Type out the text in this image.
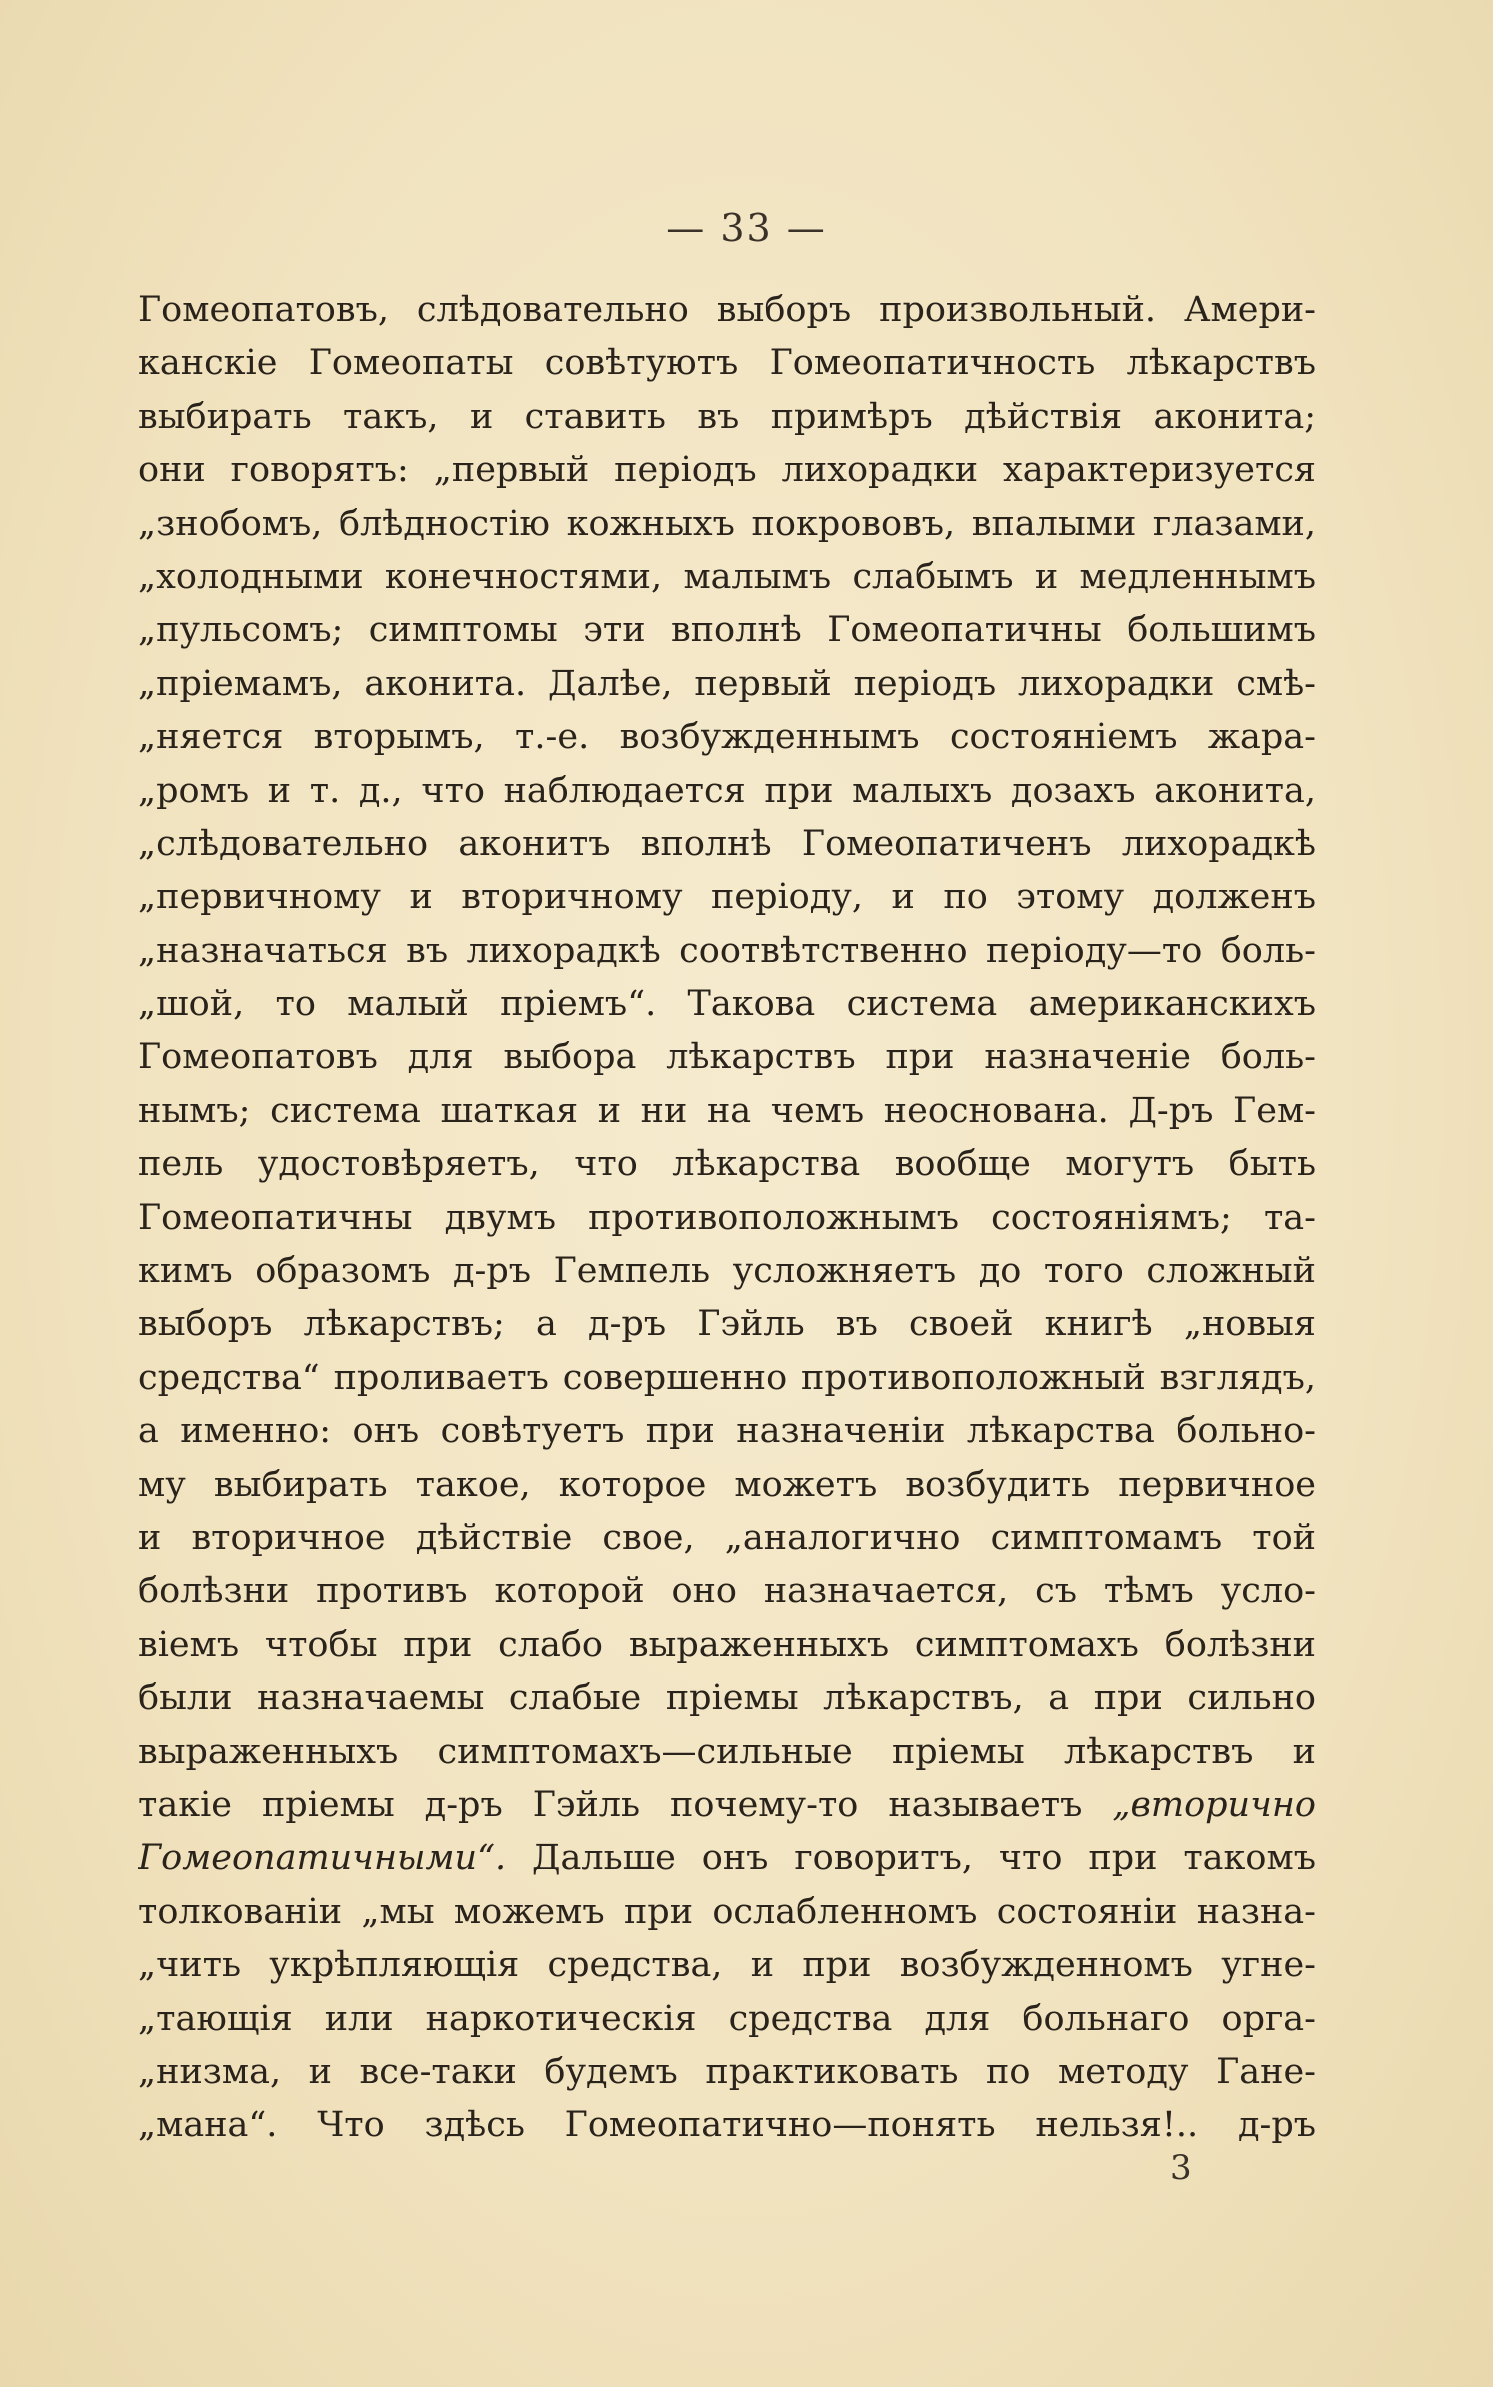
— 33 —
Гомеопатовъ, слѣдовательно выборъ произвольный. Амери-
канскіе Гомеопаты совѣтуютъ Гомеопатичность лѣкарствъ
выбирать такъ, и ставить въ примѣръ дѣйствія аконита;
они говорятъ: „первый періодъ лихорадки характеризуется
„знобомъ, блѣдностію кожныхъ покрововъ, впалыми глазами,
„холодными конечностями, малымъ слабымъ и медленнымъ
„пульсомъ; симптомы эти вполнѣ Гомеопатичны большимъ
„пріемамъ, аконита. Далѣе, первый періодъ лихорадки смѣ-
„няется вторымъ, т.-е. возбужденнымъ состояніемъ жара-
„ромъ и т. д., что наблюдается при малыхъ дозахъ аконита,
„слѣдовательно аконитъ вполнѣ Гомеопатиченъ лихорадкѣ
„первичному и вторичному періоду, и по этому долженъ
„назначаться въ лихорадкѣ соотвѣтственно періоду—то боль-
„шой, то малый пріемъ“. Такова система американскихъ
Гомеопатовъ для выбора лѣкарствъ при назначеніе боль-
нымъ; система шаткая и ни на чемъ неоснована. Д-ръ Гем-
пель удостовѣряетъ, что лѣкарства вообще могутъ быть
Гомеопатичны двумъ противоположнымъ состояніямъ; та-
кимъ образомъ д-ръ Гемпель усложняетъ до того сложный
выборъ лѣкарствъ; а д-ръ Гэйль въ своей книгѣ „новыя
средства“ проливаетъ совершенно противоположный взглядъ,
а именно: онъ совѣтуетъ при назначеніи лѣкарства больно-
му выбирать такое, которое можетъ возбудить первичное
и вторичное дѣйствіе свое, „аналогично симптомамъ той
болѣзни противъ которой оно назначается, съ тѣмъ усло-
віемъ чтобы при слабо выраженныхъ симптомахъ болѣзни
были назначаемы слабые пріемы лѣкарствъ, а при сильно
выраженныхъ симптомахъ—сильные пріемы лѣкарствъ и
такіе пріемы д-ръ Гэйль почему-то называетъ „вторично
Гомеопатичными“. Дальше онъ говоритъ, что при такомъ
толкованіи „мы можемъ при ослабленномъ состояніи назна-
„чить укрѣпляющія средства, и при возбужденномъ угне-
„тающія или наркотическія средства для больнаго орга-
„низма, и все-таки будемъ практиковать по методу Гане-
„мана“. Что здѣсь Гомеопатично—понять нельзя!.. д-ръ
3
